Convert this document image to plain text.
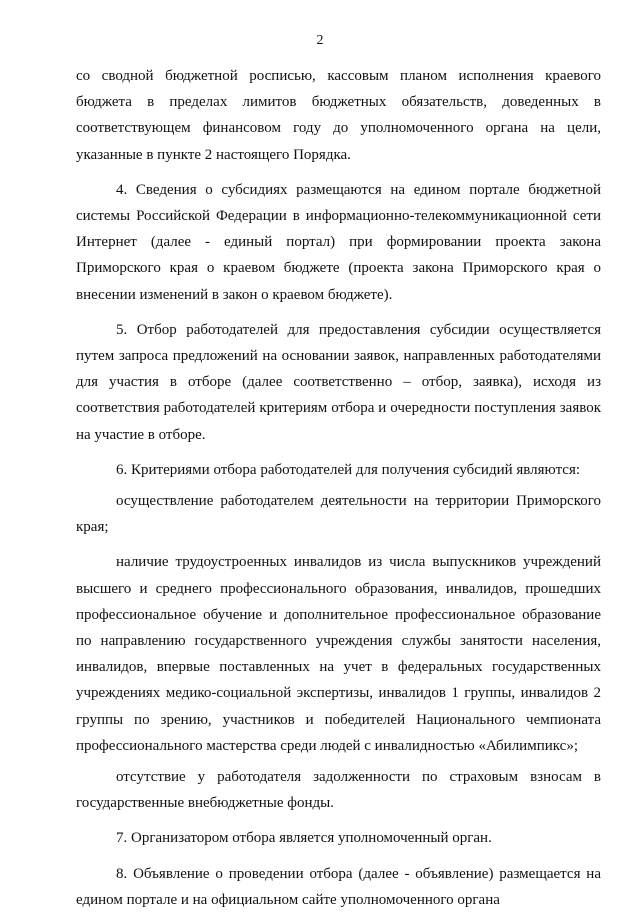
2

со сводной бюджетной росписью, кассовым планом исполнения краевого бюджета в пределах лимитов бюджетных обязательств, доведенных в соответствующем финансовом году до уполномоченного органа на цели, указанные в пункте 2 настоящего Порядка.

4. Сведения о субсидиях размещаются на едином портале бюджетной системы Российской Федерации в информационно-телекоммуникационной сети Интернет (далее - единый портал) при формировании проекта закона Приморского края о краевом бюджете (проекта закона Приморского края о внесении изменений в закон о краевом бюджете).

5. Отбор работодателей для предоставления субсидии осуществляется путем запроса предложений на основании заявок, направленных работодателями для участия в отборе (далее соответственно – отбор, заявка), исходя из соответствия работодателей критериям отбора и очередности поступления заявок на участие в отборе.

6. Критериями отбора работодателей для получения субсидий являются:

осуществление работодателем деятельности на территории Приморского края;

наличие трудоустроенных инвалидов из числа выпускников учреждений высшего и среднего профессионального образования, инвалидов, прошедших профессиональное обучение и дополнительное профессиональное образование по направлению государственного учреждения службы занятости населения, инвалидов, впервые поставленных на учет в федеральных государственных учреждениях медико-социальной экспертизы, инвалидов 1 группы, инвалидов 2 группы по зрению, участников и победителей Национального чемпионата профессионального мастерства среди людей с инвалидностью «Абилимпикс»;

отсутствие у работодателя задолженности по страховым взносам в государственные внебюджетные фонды.

7. Организатором отбора является уполномоченный орган.

8. Объявление о проведении отбора (далее - объявление) размещается на едином портале и на официальном сайте уполномоченного органа
